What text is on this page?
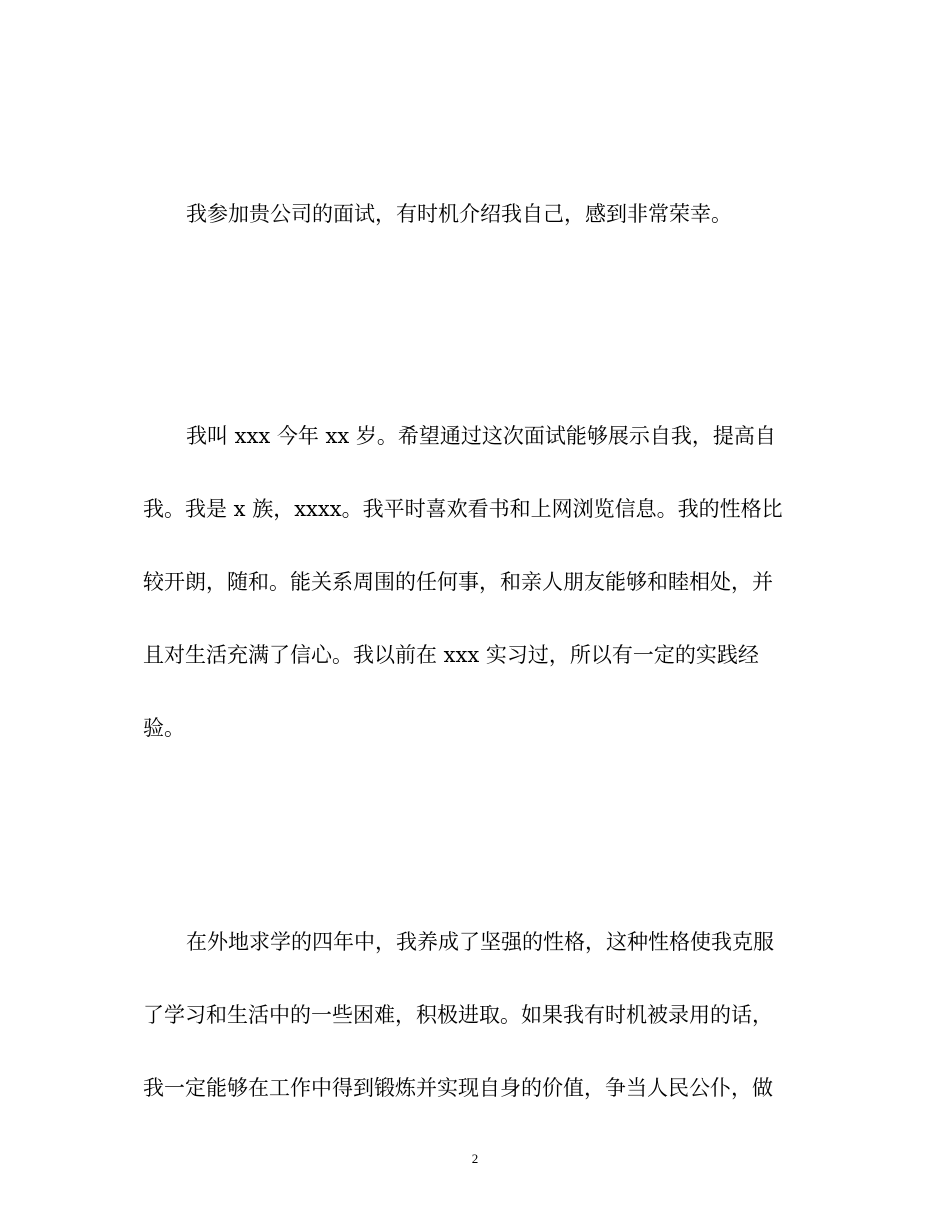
我参加贵公司的面试，有时机介绍我自己，感到非常荣幸。

我叫 xxx 今年 xx 岁。希望通过这次面试能够展示自我，提高自
我。我是 x 族，xxxx。我平时喜欢看书和上网浏览信息。我的性格比
较开朗，随和。能关系周围的任何事，和亲人朋友能够和睦相处，并
且对生活充满了信心。我以前在 xxx 实习过，所以有一定的实践经
验。

在外地求学的四年中，我养成了坚强的性格，这种性格使我克服
了学习和生活中的一些困难，积极进取。如果我有时机被录用的话，
我一定能够在工作中得到锻炼并实现自身的价值，争当人民公仆，做

2
